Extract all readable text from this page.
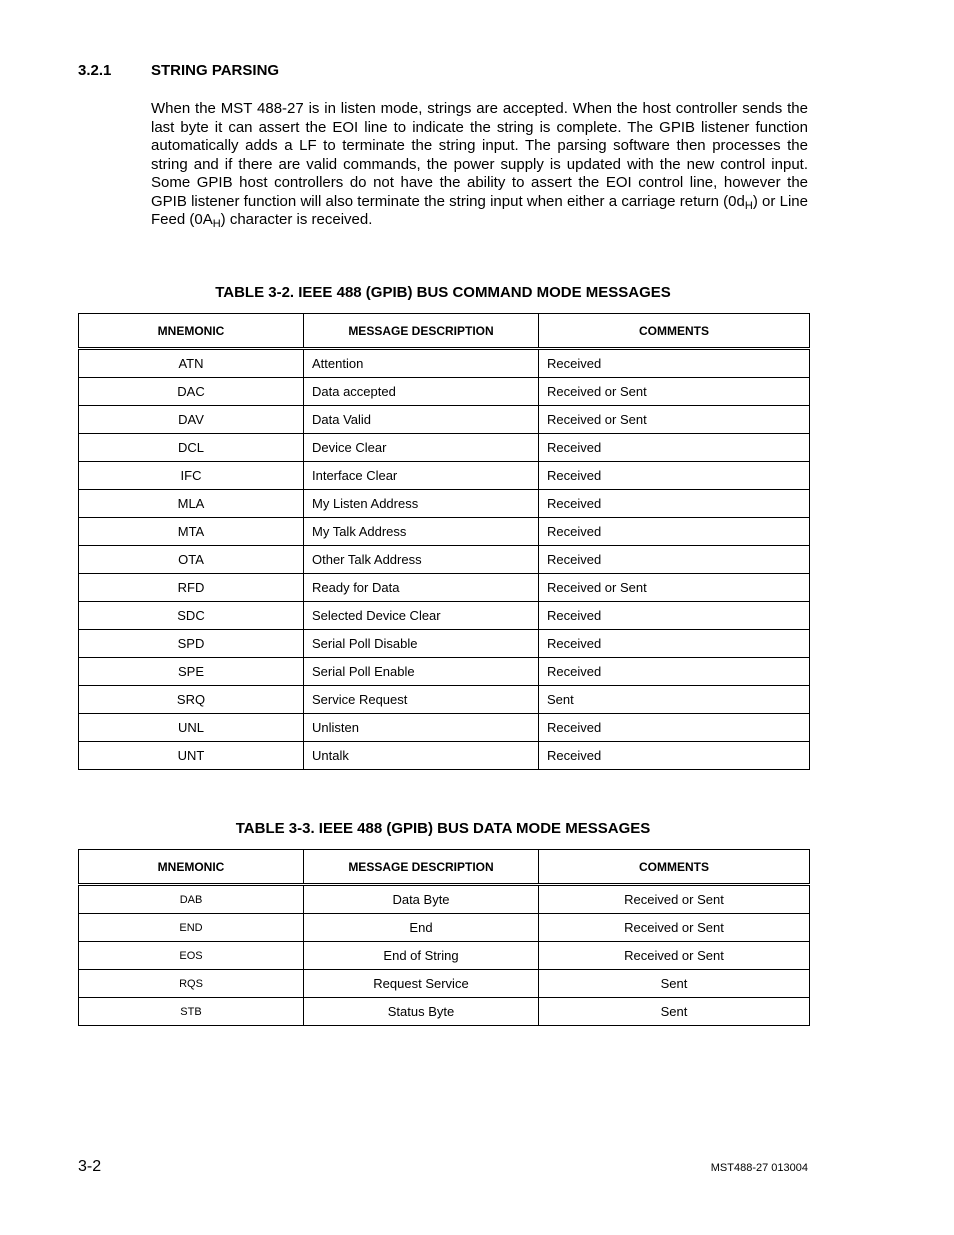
3.2.1	STRING PARSING

When the MST 488-27 is in listen mode, strings are accepted. When the host controller sends the last byte it can assert the EOI line to indicate the string is complete. The GPIB listener function automatically adds a LF to terminate the string input. The parsing software then processes the string and if there are valid commands, the power supply is updated with the new control input. Some GPIB host controllers do not have the ability to assert the EOI control line, however the GPIB listener function will also terminate the string input when either a carriage return $(0d_H)$ or Line Feed $(0A_H)$ character is received.

TABLE 3-2. IEEE 488 (GPIB) BUS COMMAND MODE MESSAGES
MNEMONIC	MESSAGE DESCRIPTION	COMMENTS
ATN	Attention	Received
DAC	Data accepted	Received or Sent
DAV	Data Valid	Received or Sent
DCL	Device Clear	Received
IFC	Interface Clear	Received
MLA	My Listen Address	Received
MTA	My Talk Address	Received
OTA	Other Talk Address	Received
RFD	Ready for Data	Received or Sent
SDC	Selected Device Clear	Received
SPD	Serial Poll Disable	Received
SPE	Serial Poll Enable	Received
SRQ	Service Request	Sent
UNL	Unlisten	Received
UNT	Untalk	Received
TABLE 3-3. IEEE 488 (GPIB) BUS DATA MODE MESSAGES
MNEMONIC	MESSAGE DESCRIPTION	COMMENTS
DAB	Data Byte	Received or Sent
END	End	Received or Sent
EOS	End of String	Received or Sent
RQS	Request Service	Sent
STB	Status Byte	Sent

3-2	MST488-27 013004
